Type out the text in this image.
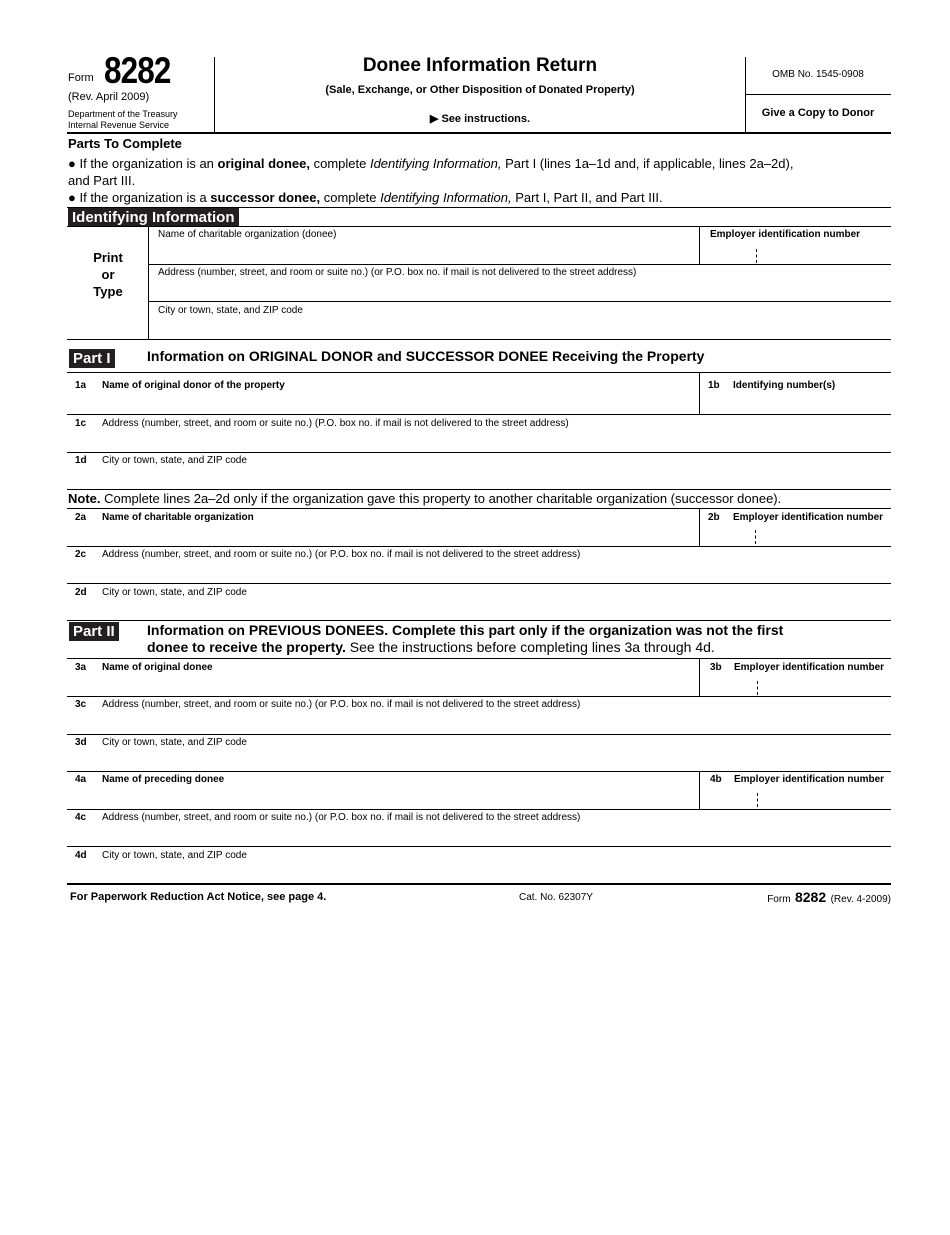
Form 8282
(Rev. April 2009)
Department of the Treasury
Internal Revenue Service
Donee Information Return
(Sale, Exchange, or Other Disposition of Donated Property)
▶ See instructions.
OMB No. 1545-0908
Give a Copy to Donor
Parts To Complete
● If the organization is an original donee, complete Identifying Information, Part I (lines 1a–1d and, if applicable, lines 2a–2d),
and Part III.
● If the organization is a successor donee, complete Identifying Information, Part I, Part II, and Part III.
Identifying Information
Print
or
Type
Name of charitable organization (donee)	Employer identification number
Address (number, street, and room or suite no.) (or P.O. box no. if mail is not delivered to the street address)
City or town, state, and ZIP code
Part I	Information on ORIGINAL DONOR and SUCCESSOR DONEE Receiving the Property
1a Name of original donor of the property	1b Identifying number(s)
1c Address (number, street, and room or suite no.) (P.O. box no. if mail is not delivered to the street address)
1d City or town, state, and ZIP code
Note. Complete lines 2a–2d only if the organization gave this property to another charitable organization (successor donee).
2a Name of charitable organization	2b Employer identification number
2c Address (number, street, and room or suite no.) (or P.O. box no. if mail is not delivered to the street address)
2d City or town, state, and ZIP code
Part II Information on PREVIOUS DONEES. Complete this part only if the organization was not the first
donee to receive the property. See the instructions before completing lines 3a through 4d.
3a Name of original donee	3b Employer identification number
3c Address (number, street, and room or suite no.) (or P.O. box no. if mail is not delivered to the street address)
3d City or town, state, and ZIP code
4a Name of preceding donee	4b Employer identification number
4c Address (number, street, and room or suite no.) (or P.O. box no. if mail is not delivered to the street address)
4d City or town, state, and ZIP code
For Paperwork Reduction Act Notice, see page 4.	Cat. No. 62307Y	Form 8282 (Rev. 4-2009)
